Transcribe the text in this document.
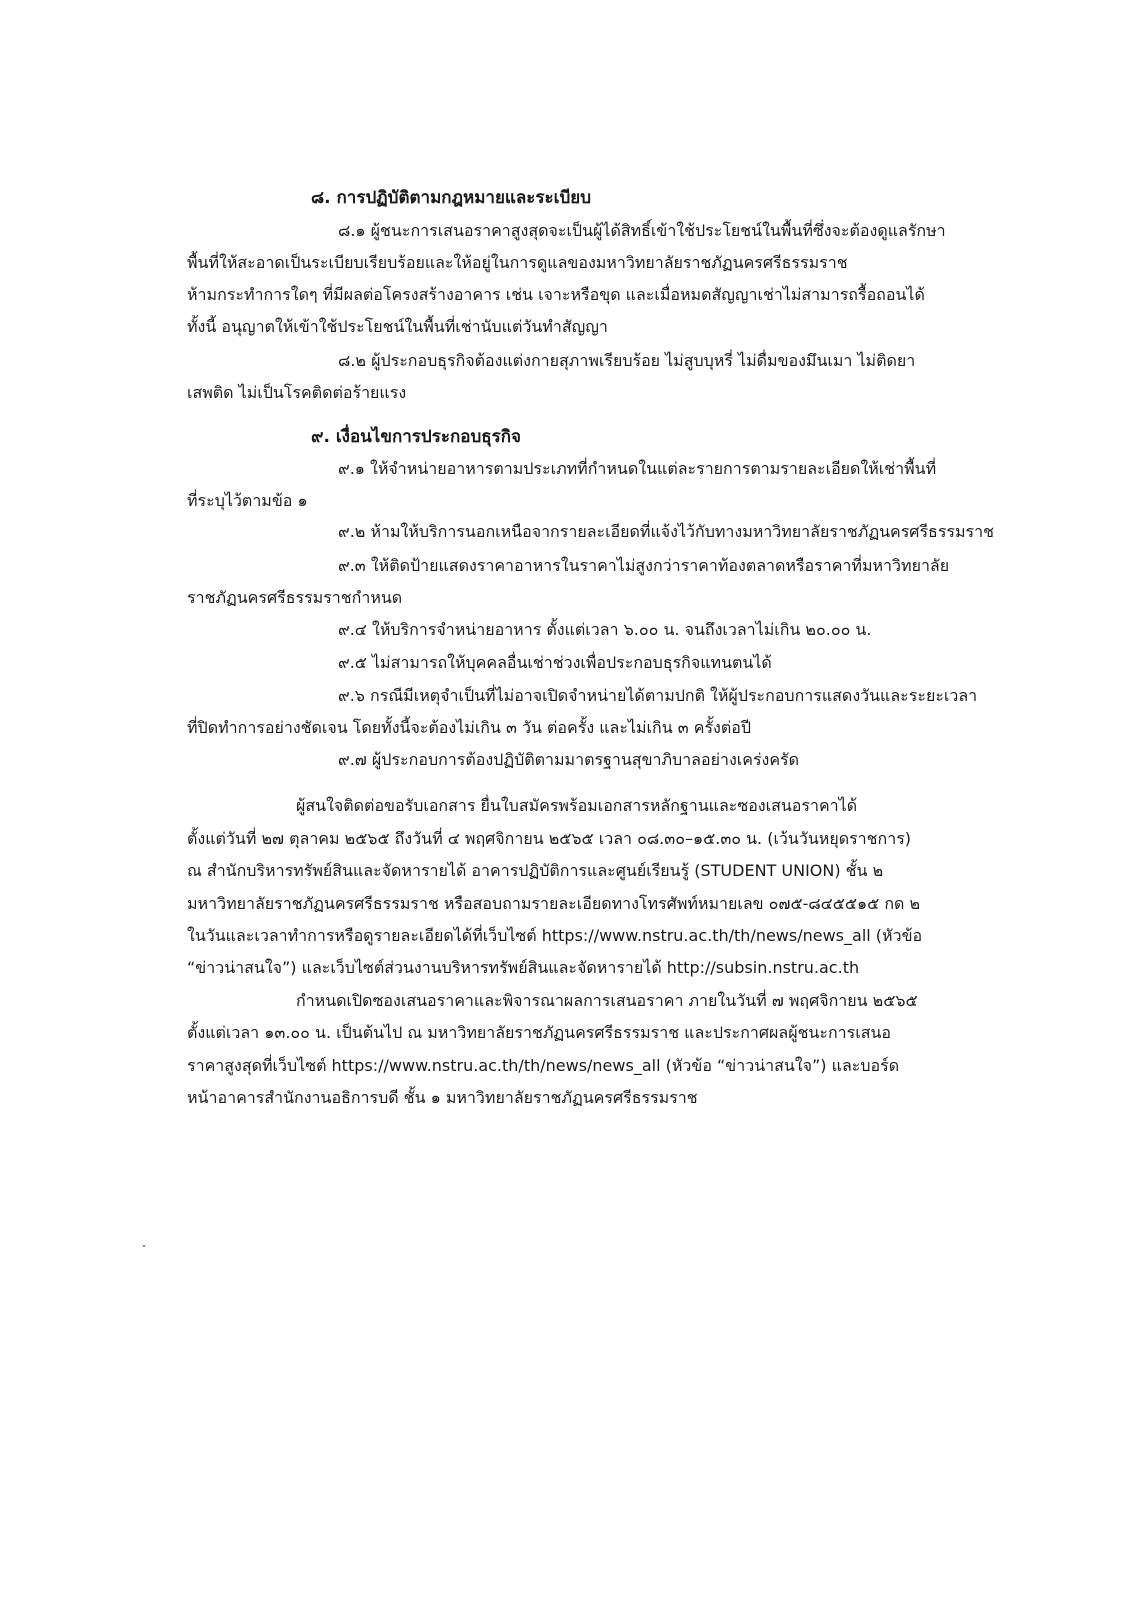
๘. การปฏิบัติตามกฎหมายและระเบียบ
๘.๑ ผู้ชนะการเสนอราคาสูงสุดจะเป็นผู้ได้สิทธิ์เข้าใช้ประโยชน์ในพื้นที่ซึ่งจะต้องดูแลรักษา
พื้นที่ให้สะอาดเป็นระเบียบเรียบร้อยและให้อยู่ในการดูแลของมหาวิทยาลัยราชภัฏนครศรีธรรมราช
ห้ามกระทำการใดๆ ที่มีผลต่อโครงสร้างอาคาร เช่น เจาะหรือขุด และเมื่อหมดสัญญาเช่าไม่สามารถรื้อถอนได้
ทั้งนี้ อนุญาตให้เข้าใช้ประโยชน์ในพื้นที่เช่านับแต่วันทำสัญญา
๘.๒ ผู้ประกอบธุรกิจต้องแต่งกายสุภาพเรียบร้อย ไม่สูบบุหรี่ ไม่ดื่มของมึนเมา ไม่ติดยา
เสพติด ไม่เป็นโรคติดต่อร้ายแรง
๙. เงื่อนไขการประกอบธุรกิจ
๙.๑ ให้จำหน่ายอาหารตามประเภทที่กำหนดในแต่ละรายการตามรายละเอียดให้เช่าพื้นที่
ที่ระบุไว้ตามข้อ ๑
๙.๒ ห้ามให้บริการนอกเหนือจากรายละเอียดที่แจ้งไว้กับทางมหาวิทยาลัยราชภัฏนครศรีธรรมราช
๙.๓ ให้ติดป้ายแสดงราคาอาหารในราคาไม่สูงกว่าราคาท้องตลาดหรือราคาที่มหาวิทยาลัย
ราชภัฏนครศรีธรรมราชกำหนด
๙.๔ ให้บริการจำหน่ายอาหาร ตั้งแต่เวลา ๖.๐๐ น. จนถึงเวลาไม่เกิน ๒๐.๐๐ น.
๙.๕ ไม่สามารถให้บุคคลอื่นเช่าช่วงเพื่อประกอบธุรกิจแทนตนได้
๙.๖ กรณีมีเหตุจำเป็นที่ไม่อาจเปิดจำหน่ายได้ตามปกติ ให้ผู้ประกอบการแสดงวันและระยะเวลา
ที่ปิดทำการอย่างชัดเจน โดยทั้งนี้จะต้องไม่เกิน ๓ วัน ต่อครั้ง และไม่เกิน ๓ ครั้งต่อปี
๙.๗ ผู้ประกอบการต้องปฏิบัติตามมาตรฐานสุขาภิบาลอย่างเคร่งครัด
ผู้สนใจติดต่อขอรับเอกสาร ยื่นใบสมัครพร้อมเอกสารหลักฐานและซองเสนอราคาได้
ตั้งแต่วันที่ ๒๗ ตุลาคม ๒๕๖๕ ถึงวันที่ ๔ พฤศจิกายน ๒๕๖๕ เวลา ๐๘.๓๐–๑๕.๓๐ น. (เว้นวันหยุดราชการ)
ณ สำนักบริหารทรัพย์สินและจัดหารายได้ อาคารปฏิบัติการและศูนย์เรียนรู้ (STUDENT UNION) ชั้น ๒
มหาวิทยาลัยราชภัฏนครศรีธรรมราช หรือสอบถามรายละเอียดทางโทรศัพท์หมายเลข ๐๗๕-๘๔๕๕๑๕ กด ๒
ในวันและเวลาทำการหรือดูรายละเอียดได้ที่เว็บไซต์ https://www.nstru.ac.th/th/news/news_all (หัวข้อ
“ข่าวน่าสนใจ”) และเว็บไซต์ส่วนงานบริหารทรัพย์สินและจัดหารายได้ http://subsin.nstru.ac.th
กำหนดเปิดซองเสนอราคาและพิจารณาผลการเสนอราคา ภายในวันที่ ๗ พฤศจิกายน ๒๕๖๕
ตั้งแต่เวลา ๑๓.๐๐ น. เป็นต้นไป ณ มหาวิทยาลัยราชภัฏนครศรีธรรมราช และประกาศผลผู้ชนะการเสนอ
ราคาสูงสุดที่เว็บไซต์ https://www.nstru.ac.th/th/news/news_all (หัวข้อ “ข่าวน่าสนใจ”) และบอร์ด
หน้าอาคารสำนักงานอธิการบดี ชั้น ๑ มหาวิทยาลัยราชภัฏนครศรีธรรมราช
